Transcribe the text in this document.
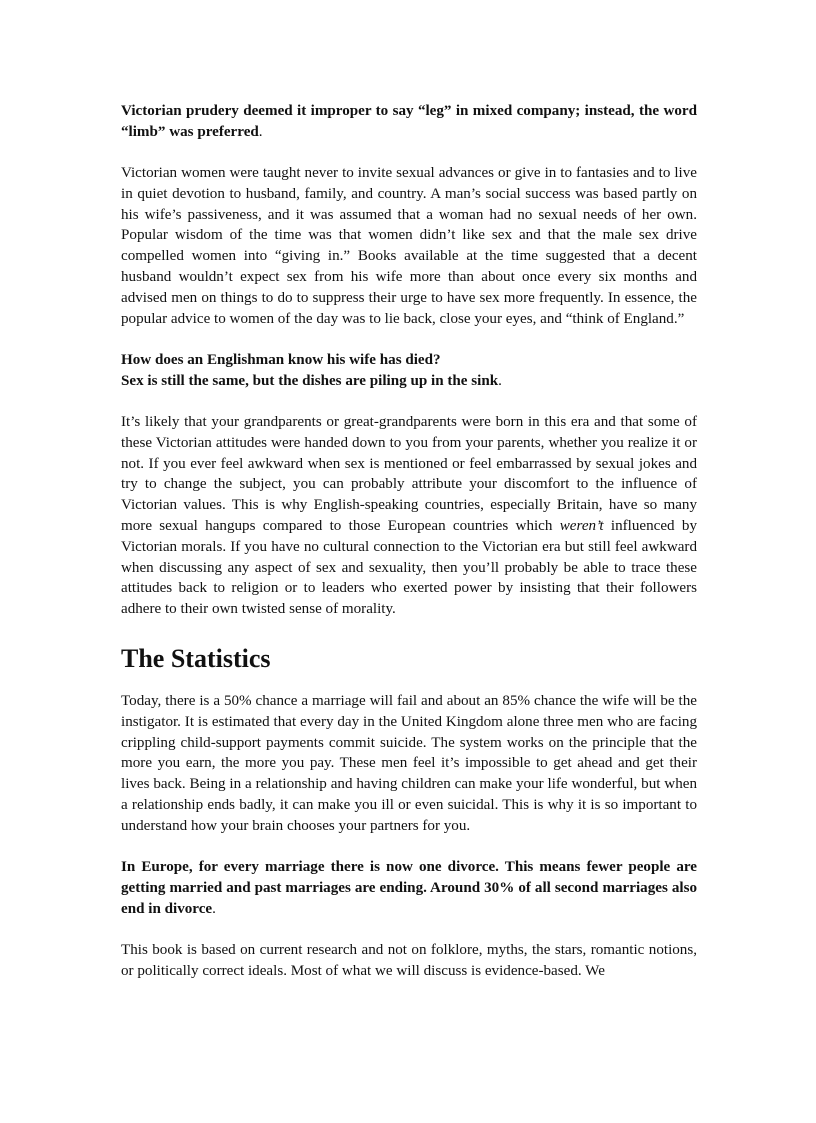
Victorian prudery deemed it improper to say “leg” in mixed company; instead, the word “limb” was preferred.

Victorian women were taught never to invite sexual advances or give in to fantasies and to live in quiet devotion to husband, family, and country. A man’s social success was based partly on his wife’s passiveness, and it was assumed that a woman had no sexual needs of her own. Popular wisdom of the time was that women didn’t like sex and that the male sex drive compelled women into “giving in.” Books available at the time suggested that a decent husband wouldn’t expect sex from his wife more than about once every six months and advised men on things to do to suppress their urge to have sex more frequently. In essence, the popular advice to women of the day was to lie back, close your eyes, and “think of England.”

How does an Englishman know his wife has died?
Sex is still the same, but the dishes are piling up in the sink.

It’s likely that your grandparents or great-grandparents were born in this era and that some of these Victorian attitudes were handed down to you from your parents, whether you realize it or not. If you ever feel awkward when sex is mentioned or feel embarrassed by sexual jokes and try to change the subject, you can probably attribute your discomfort to the influence of Victorian values. This is why English-speaking countries, especially Britain, have so many more sexual hangups compared to those European countries which weren’t influenced by Victorian morals. If you have no cultural connection to the Victorian era but still feel awkward when discussing any aspect of sex and sexuality, then you’ll probably be able to trace these attitudes back to religion or to leaders who exerted power by insisting that their followers adhere to their own twisted sense of morality.

The Statistics

Today, there is a 50% chance a marriage will fail and about an 85% chance the wife will be the instigator. It is estimated that every day in the United Kingdom alone three men who are facing crippling child-support payments commit suicide. The system works on the principle that the more you earn, the more you pay. These men feel it’s impossible to get ahead and get their lives back. Being in a relationship and having children can make your life wonderful, but when a relationship ends badly, it can make you ill or even suicidal. This is why it is so important to understand how your brain chooses your partners for you.

In Europe, for every marriage there is now one divorce. This means fewer people are getting married and past marriages are ending. Around 30% of all second marriages also end in divorce.

This book is based on current research and not on folklore, myths, the stars, romantic notions, or politically correct ideals. Most of what we will discuss is evidence-based. We
